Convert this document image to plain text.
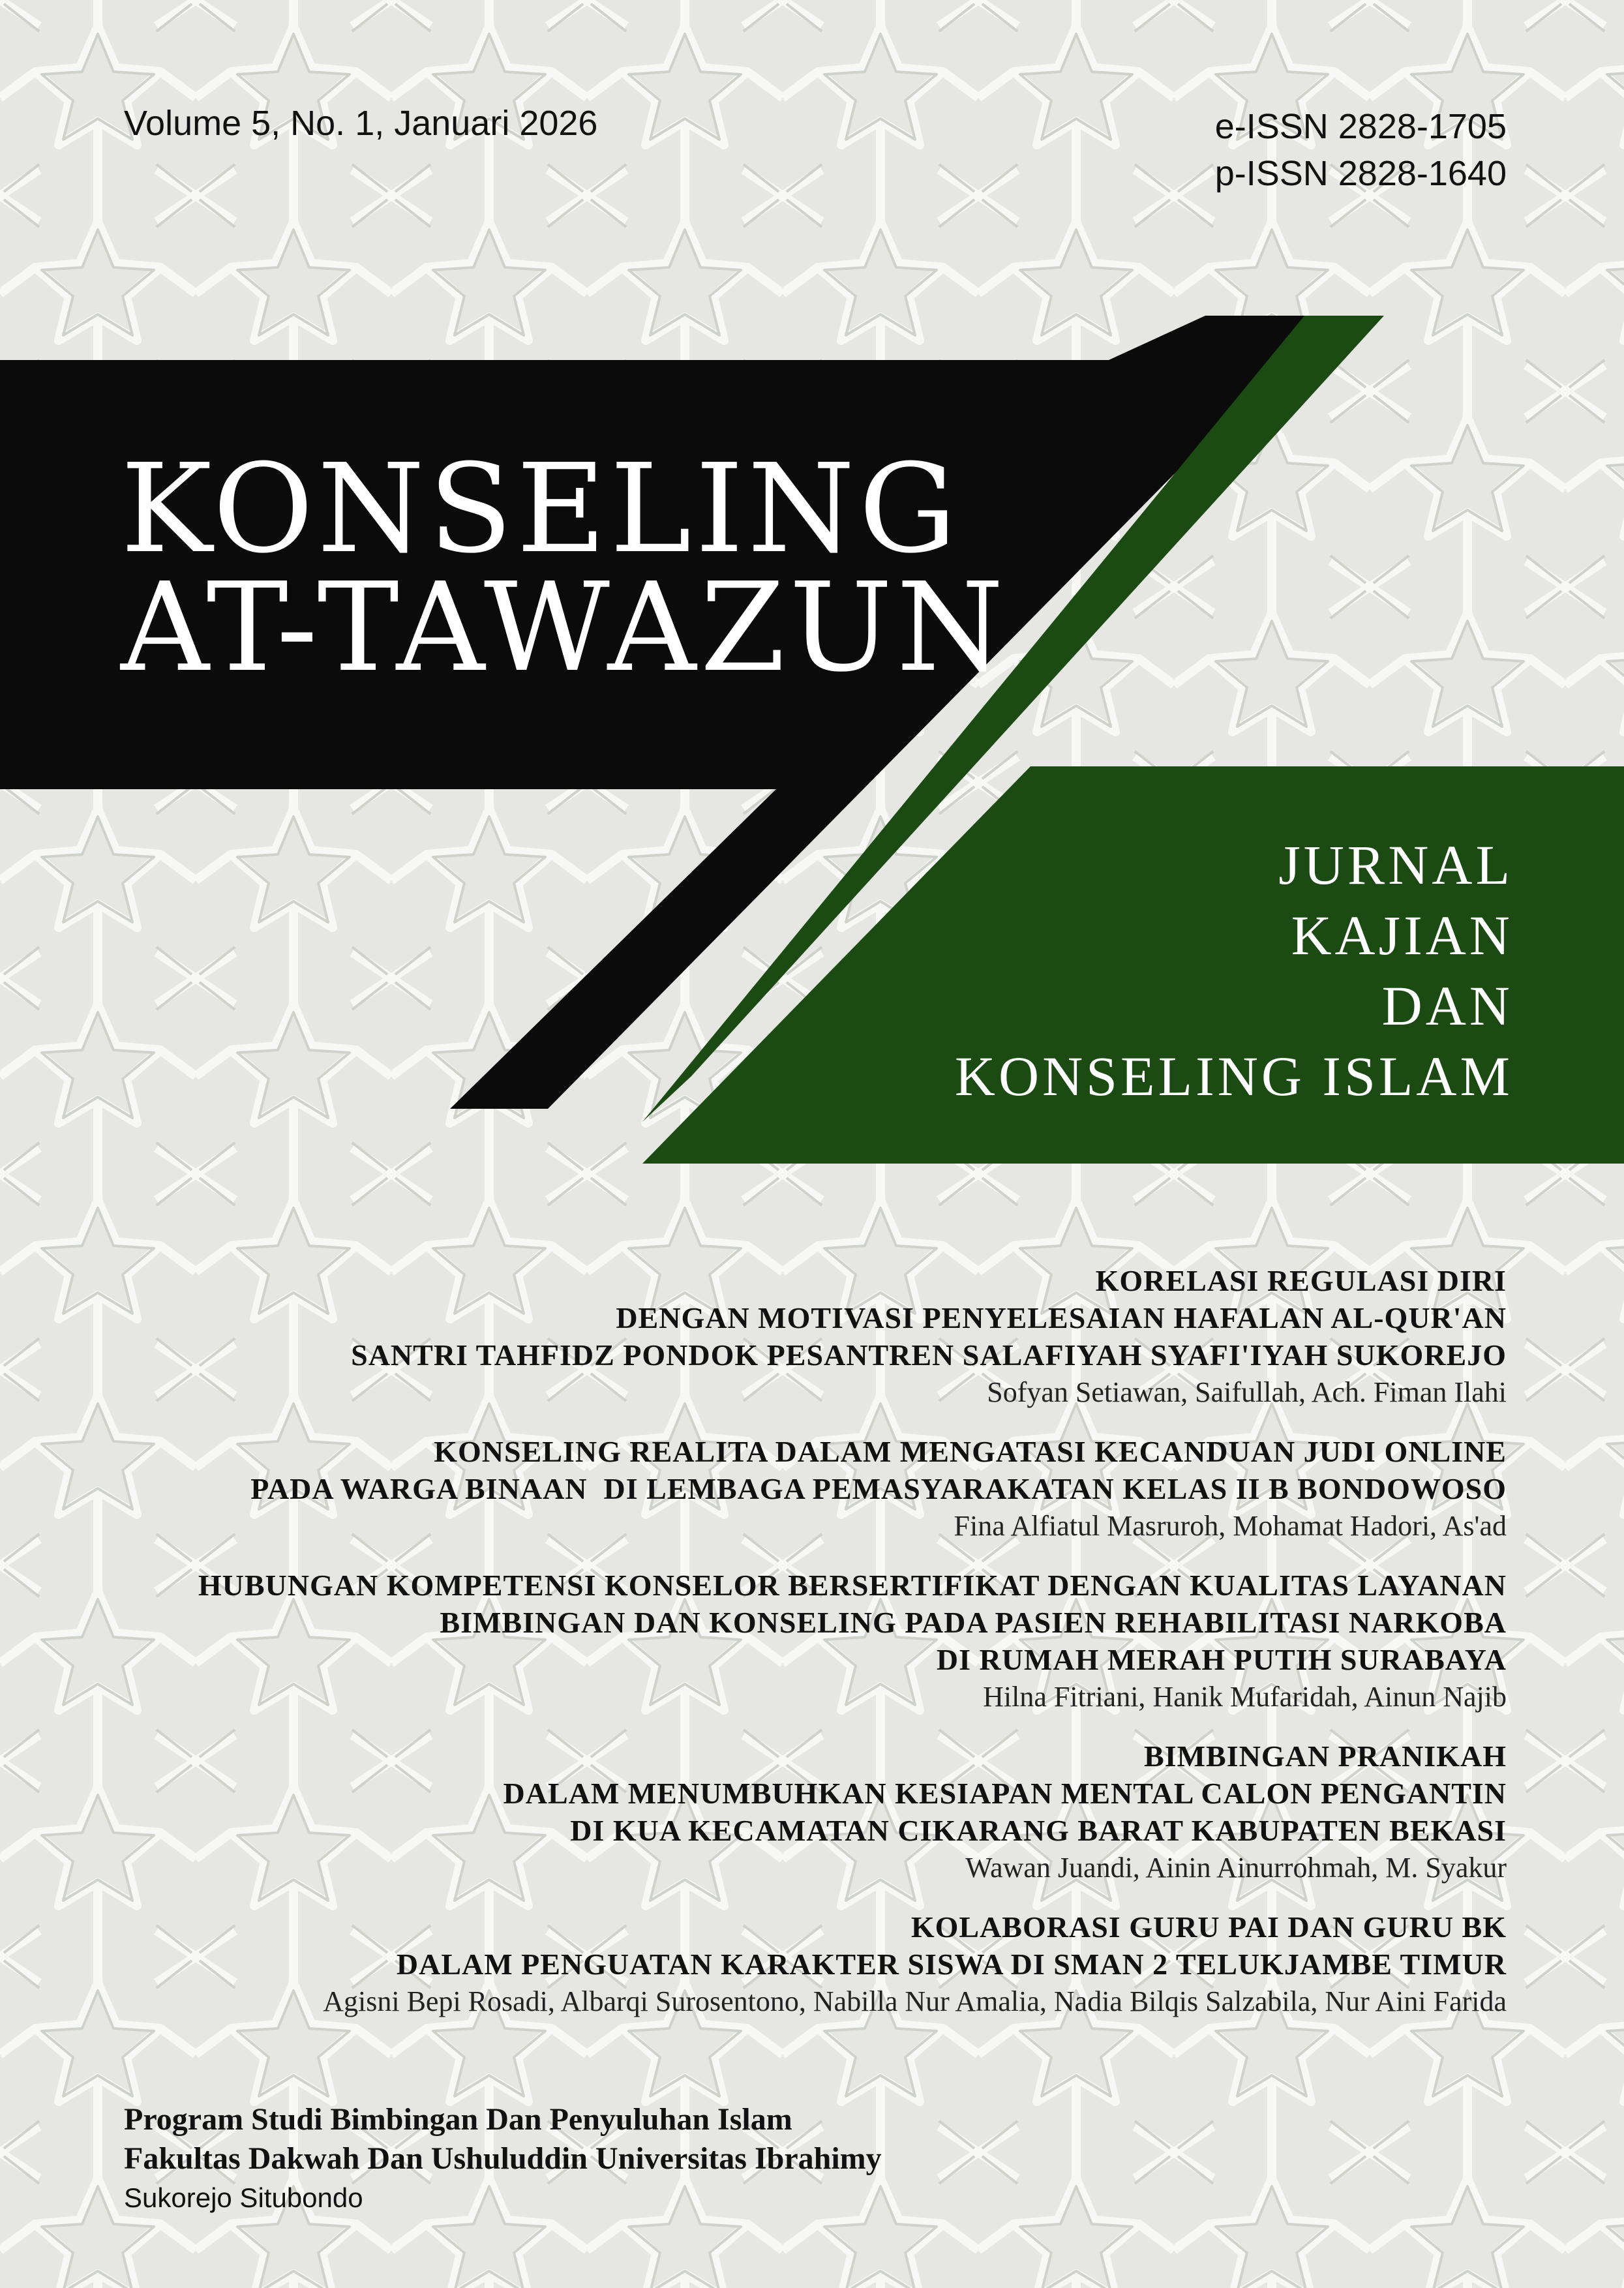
Volume 5, No. 1, Januari 2026	e-ISSN 2828-1705
p-ISSN 2828-1640
KONSELING
AT-TAWAZUN
JURNAL
KAJIAN
DAN
KONSELING ISLAM
KORELASI REGULASI DIRI
DENGAN MOTIVASI PENYELESAIAN HAFALAN AL-QUR'AN
SANTRI TAHFIDZ PONDOK PESANTREN SALAFIYAH SYAFI'IYAH SUKOREJO
Sofyan Setiawan, Saifullah, Ach. Fiman Ilahi
KONSELING REALITA DALAM MENGATASI KECANDUAN JUDI ONLINE
PADA WARGA BINAAN  DI LEMBAGA PEMASYARAKATAN KELAS II B BONDOWOSO
Fina Alfiatul Masruroh, Mohamat Hadori, As'ad
HUBUNGAN KOMPETENSI KONSELOR BERSERTIFIKAT DENGAN KUALITAS LAYANAN
BIMBINGAN DAN KONSELING PADA PASIEN REHABILITASI NARKOBA
DI RUMAH MERAH PUTIH SURABAYA
Hilna Fitriani, Hanik Mufaridah, Ainun Najib
BIMBINGAN PRANIKAH
DALAM MENUMBUHKAN KESIAPAN MENTAL CALON PENGANTIN
DI KUA KECAMATAN CIKARANG BARAT KABUPATEN BEKASI
Wawan Juandi, Ainin Ainurrohmah, M. Syakur
KOLABORASI GURU PAI DAN GURU BK
DALAM PENGUATAN KARAKTER SISWA DI SMAN 2 TELUKJAMBE TIMUR
Agisni Bepi Rosadi, Albarqi Surosentono, Nabilla Nur Amalia, Nadia Bilqis Salzabila, Nur Aini Farida
Program Studi Bimbingan Dan Penyuluhan Islam
Fakultas Dakwah Dan Ushuluddin Universitas Ibrahimy
Sukorejo Situbondo
